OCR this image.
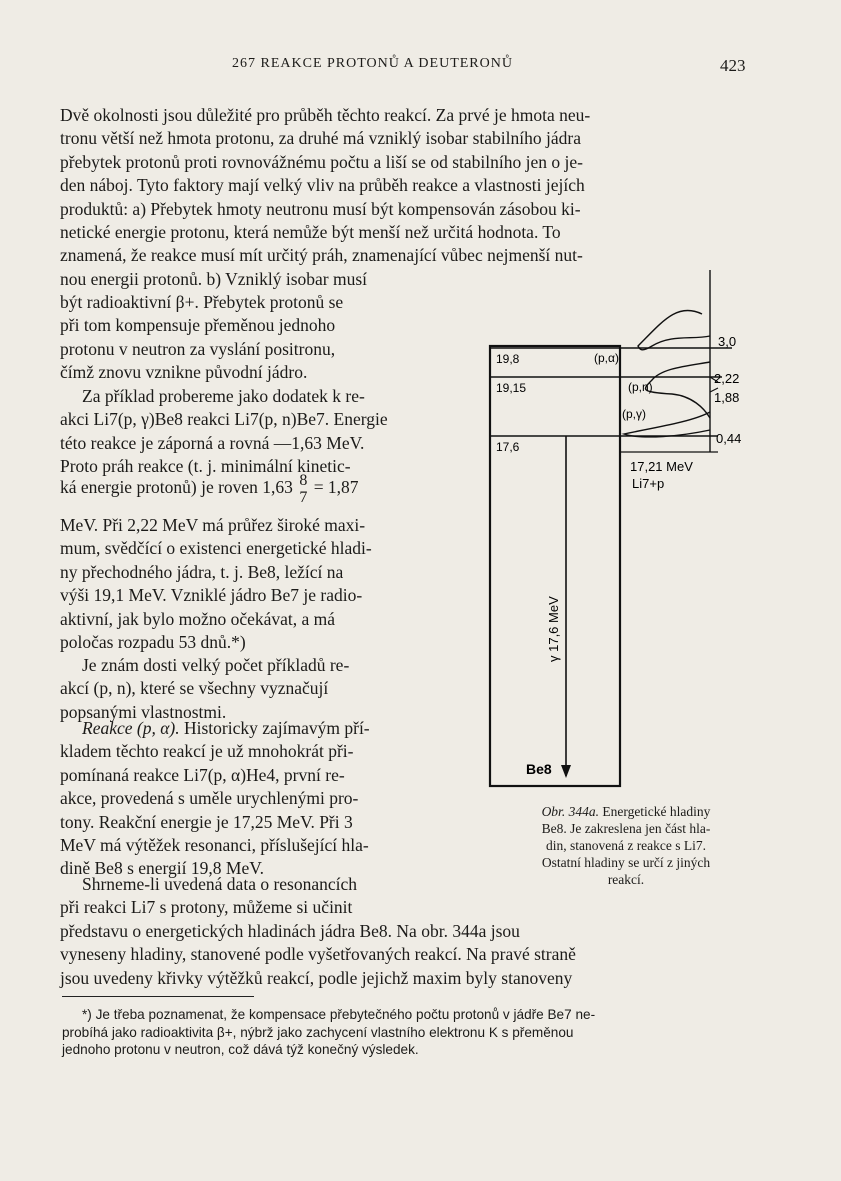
267 REAKCE PROTONŮ A DEUTERONŮ	423
Dvě okolnosti jsou důležité pro průběh těchto reakcí. Za prvé je hmota neu-
tronu větší než hmota protonu, za druhé má vzniklý isobar stabilního jádra
přebytek protonů proti rovnovážnému počtu a liší se od stabilního jen o je-
den náboj. Tyto faktory mají velký vliv na průběh reakce a vlastnosti jejích
produktů: a) Přebytek hmoty neutronu musí být kompensován zásobou ki-
netické energie protonu, která nemůže být menší než určitá hodnota. To
znamená, že reakce musí mít určitý práh, znamenající vůbec nejmenší nut-
nou energii protonů. b) Vzniklý isobar musí
být radioaktivní β+. Přebytek protonů se
při tom kompensuje přeměnou jednoho
protonu v neutron za vyslání positronu,
čímž znovu vznikne původní jádro.
Za příklad probereme jako dodatek k re-
akci Li7(p, γ)Be8 reakci Li7(p, n)Be7. Energie
této reakce je záporná a rovná —1,63 MeV.
Proto práh reakce (t. j. minimální kinetic-
ká energie protonů) je roven 1,63 8
7
= 1,87
MeV. Při 2,22 MeV má průřez široké maxi-
mum, svědčící o existenci energetické hladi-
ny přechodného jádra, t. j. Be8, ležící na
výši 19,1 MeV. Vzniklé jádro Be7 je radio-
aktivní, jak bylo možno očekávat, a má
poločas rozpadu 53 dnů.*)
Je znám dosti velký počet příkladů re-
akcí (p, n), které se všechny vyznačují
popsanými vlastnostmi.
Reakce (p, α). Historicky zajímavým pří-
kladem těchto reakcí je už mnohokrát při-
pomínaná reakce Li7(p, α)He4, první re-
akce, provedená s uměle urychlenými pro-
tony. Reakční energie je 17,25 MeV. Při 3
MeV má výtěžek resonanci, příslušející hla-
dině Be8 s energií 19,8 MeV.
Shrneme-li uvedená data o resonancích
při reakci Li7 s protony, můžeme si učinit
představu o energetických hladinách jádra Be8. Na obr. 344a jsou
vyneseny hladiny, stanovené podle vyšetřovaných reakcí. Na pravé straně
jsou uvedeny křivky výtěžků reakcí, podle jejichž maxim byly stanoveny
19,8
19,15
17,6
(p,α)
(p,n)
(p,γ)
3,0
2,22
1,88
0,44
17,21 MeV
Li7+p
γ 17,6 MeV
Be8
Obr. 344a. Energetické hladiny
Be8. Je zakreslena jen část hla-
din, stanovená z reakce s Li7.
Ostatní hladiny se určí z jiných
reakcí.
*) Je třeba poznamenat, že kompensace přebytečného počtu protonů v jádře Be7 ne-
probíhá jako radioaktivita β+, nýbrž jako zachycení vlastního elektronu K s přeměnou
jednoho protonu v neutron, což dává týž konečný výsledek.
